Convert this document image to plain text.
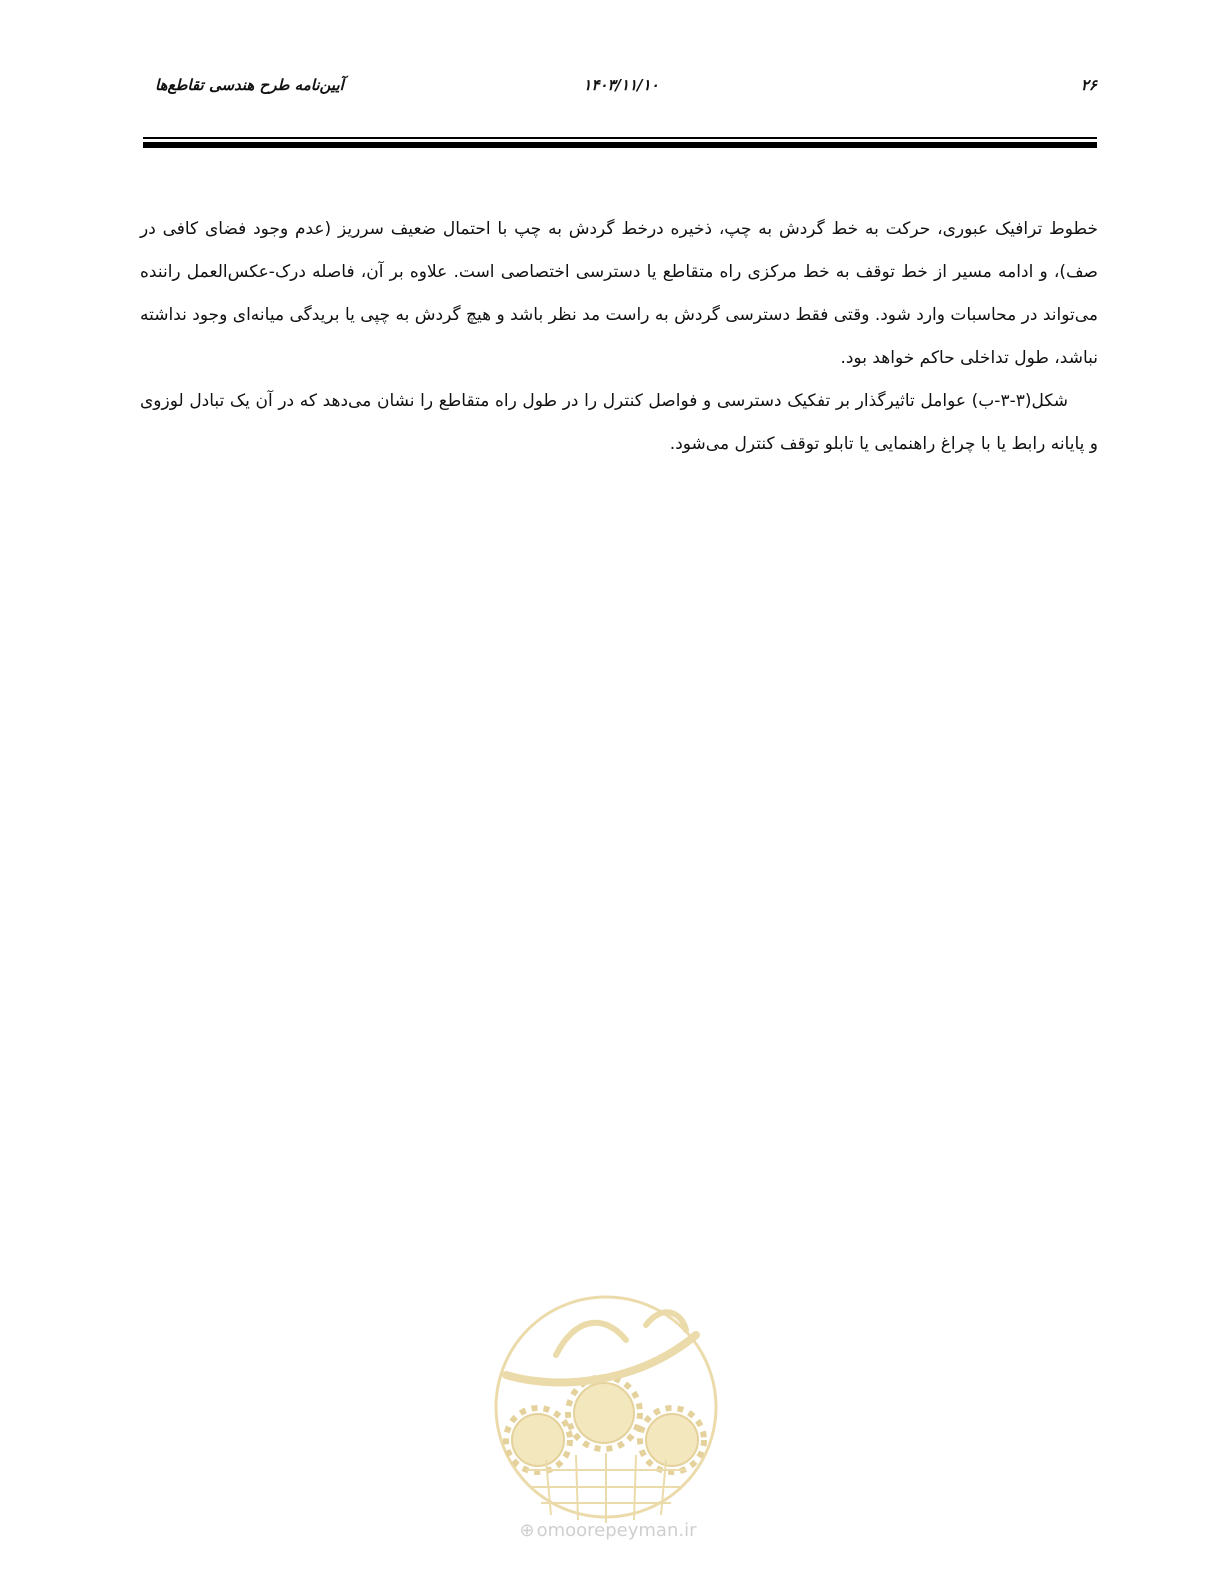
۲۶
۱۴۰۳/۱۱/۱۰
آیین‌نامه طرح هندسی تقاطع‌ها

خطوط ترافیک عبوری، حرکت به خط گردش به چپ، ذخیره درخط گردش به چپ با احتمال ضعیف سرریز (عدم وجود فضای کافی در صف)، و ادامه مسیر از خط توقف به خط مرکزی راه متقاطع یا دسترسی اختصاصی است. علاوه بر آن، فاصله درک-عکس‌العمل راننده می‌تواند در محاسبات وارد شود. وقتی فقط دسترسی گردش به راست مد نظر باشد و هیچ گردش به چپی یا بریدگی میانه‌ای وجود نداشته نباشد، طول تداخلی حاکم خواهد بود.

شکل(۳-۳-ب) عوامل تاثیرگذار بر تفکیک دسترسی و فواصل کنترل را در طول راه متقاطع را نشان می‌دهد که در آن یک تبادل لوزوی و پایانه رابط یا با چراغ راهنمایی یا تابلو توقف کنترل می‌شود.

⊕ omoorepeyman.ir
